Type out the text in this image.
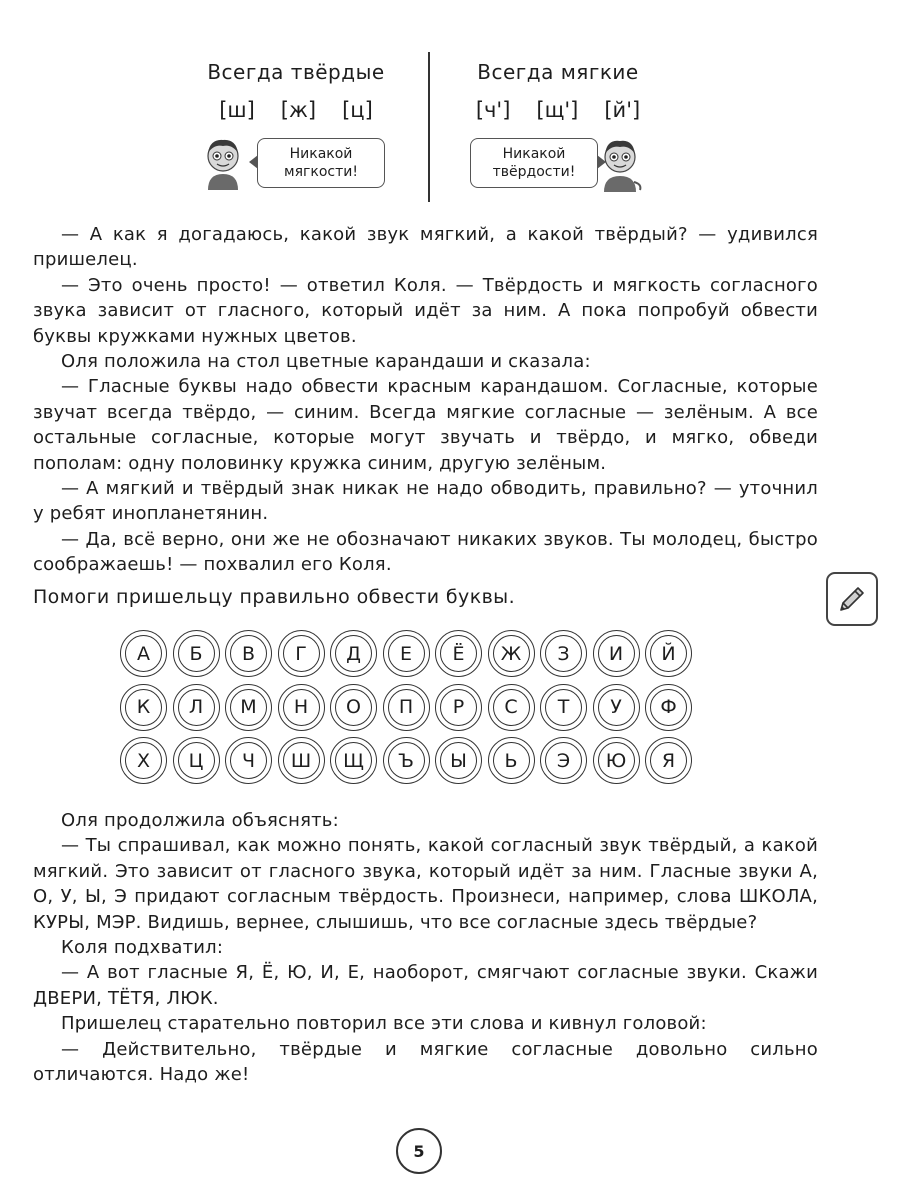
Всегда твёрдые
[ш] [ж] [ц]
Всегда мягкие
[ч'] [щ'] [й']
Никакой
мягкости!
Никакой
твёрдости!

— А как я догадаюсь, какой звук мягкий, а какой твёрдый? — удивился пришелец.

— Это очень просто! — ответил Коля. — Твёрдость и мягкость согласного звука зависит от гласного, который идёт за ним. А пока попробуй обвести буквы кружками нужных цветов.

Оля положила на стол цветные карандаши и сказала:

— Гласные буквы надо обвести красным карандашом. Согласные, которые звучат всегда твёрдо, — синим. Всегда мягкие согласные — зелёным. А все остальные согласные, которые могут звучать и твёрдо, и мягко, обведи пополам: одну половинку кружка синим, другую зелёным.

— А мягкий и твёрдый знак никак не надо обводить, правильно? — уточнил у ребят инопланетянин.

— Да, всё верно, они же не обозначают никаких звуков. Ты молодец, быстро соображаешь! — похвалил его Коля.

Помоги пришельцу правильно обвести буквы.
А	Б	В	Г	Д	Е	Ё	Ж	З	И	Й
К	Л	М	Н	О	П	Р	С	Т	У	Ф
Х	Ц	Ч	Ш	Щ	Ъ	Ы	Ь	Э	Ю	Я

Оля продолжила объяснять:

— Ты спрашивал, как можно понять, какой согласный звук твёрдый, а какой мягкий. Это зависит от гласного звука, который идёт за ним. Гласные звуки А, О, У, Ы, Э придают согласным твёрдость. Произнеси, например, слова ШКОЛА, КУРЫ, МЭР. Видишь, вернее, слышишь, что все согласные здесь твёрдые?

Коля подхватил:

— А вот гласные Я, Ё, Ю, И, Е, наоборот, смягчают согласные звуки. Скажи ДВЕРИ, ТЁТЯ, ЛЮК.

Пришелец старательно повторил все эти слова и кивнул головой:

— Действительно, твёрдые и мягкие согласные довольно сильно отличаются. Надо же!

5
